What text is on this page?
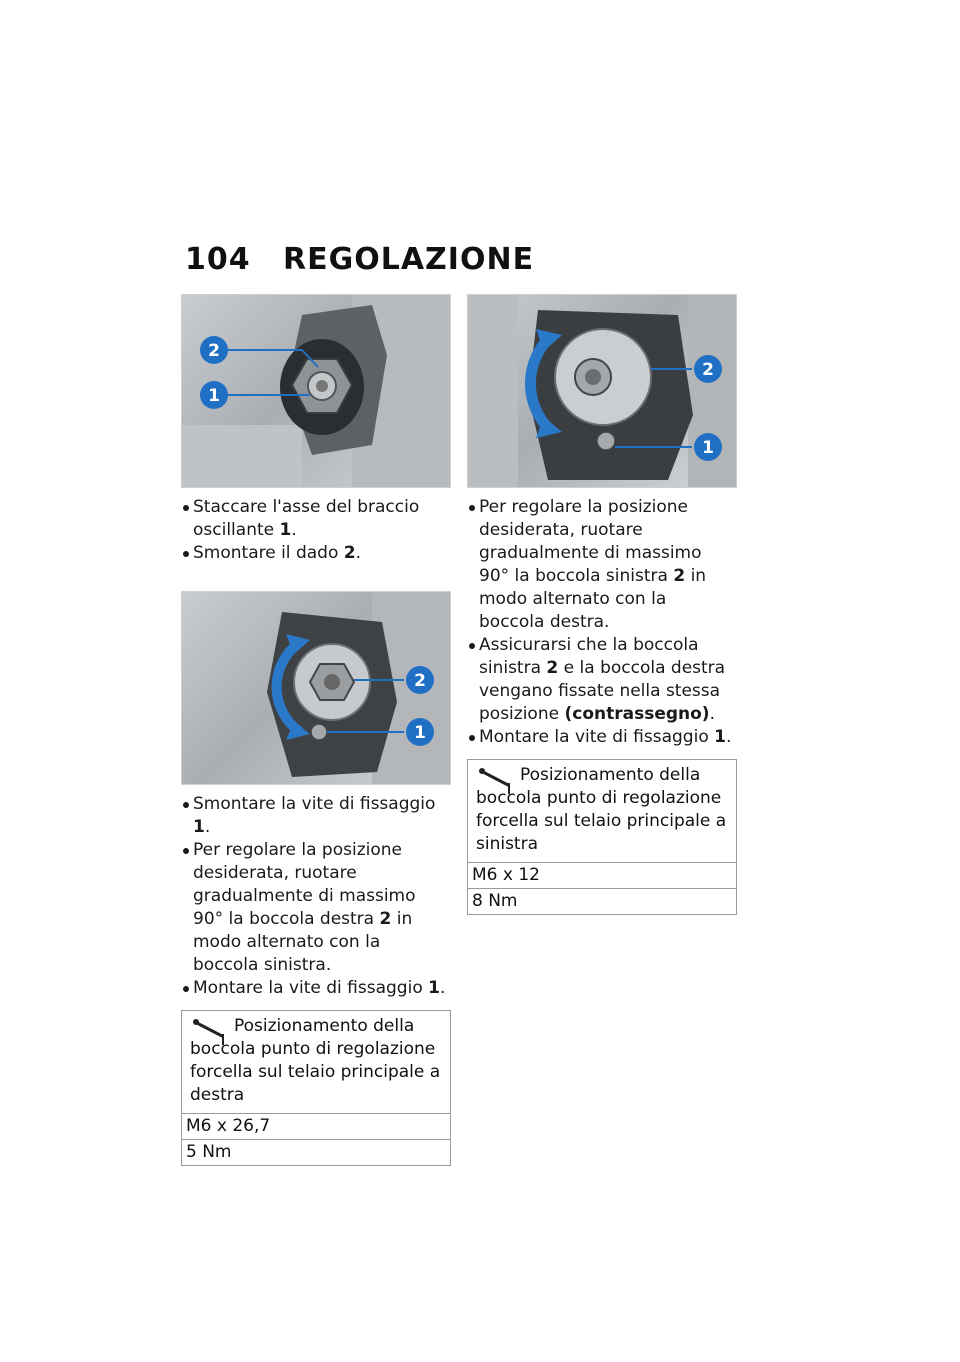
104	REGOLAZIONE
2
1
Staccare l'asse del braccio oscillante 1.
Smontare il dado 2.
2
1
Smontare la vite di fissaggio 1.
Per regolare la posizione desiderata, ruotare gradualmente di massimo 90° la boccola destra 2 in modo alternato con la boccola sinistra.
Montare la vite di fissaggio 1.
Posizionamento della boccola punto di regolazione forcella sul telaio principale a destra
M6 x 26,7
5 Nm
2
1
Per regolare la posizione desiderata, ruotare gradualmente di massimo 90° la boccola sinistra 2 in modo alternato con la boccola destra.
Assicurarsi che la boccola sinistra 2 e la boccola destra vengano fissate nella stessa posizione (contrassegno).
Montare la vite di fissaggio 1.
Posizionamento della boccola punto di regolazione forcella sul telaio principale a sinistra
M6 x 12
8 Nm
